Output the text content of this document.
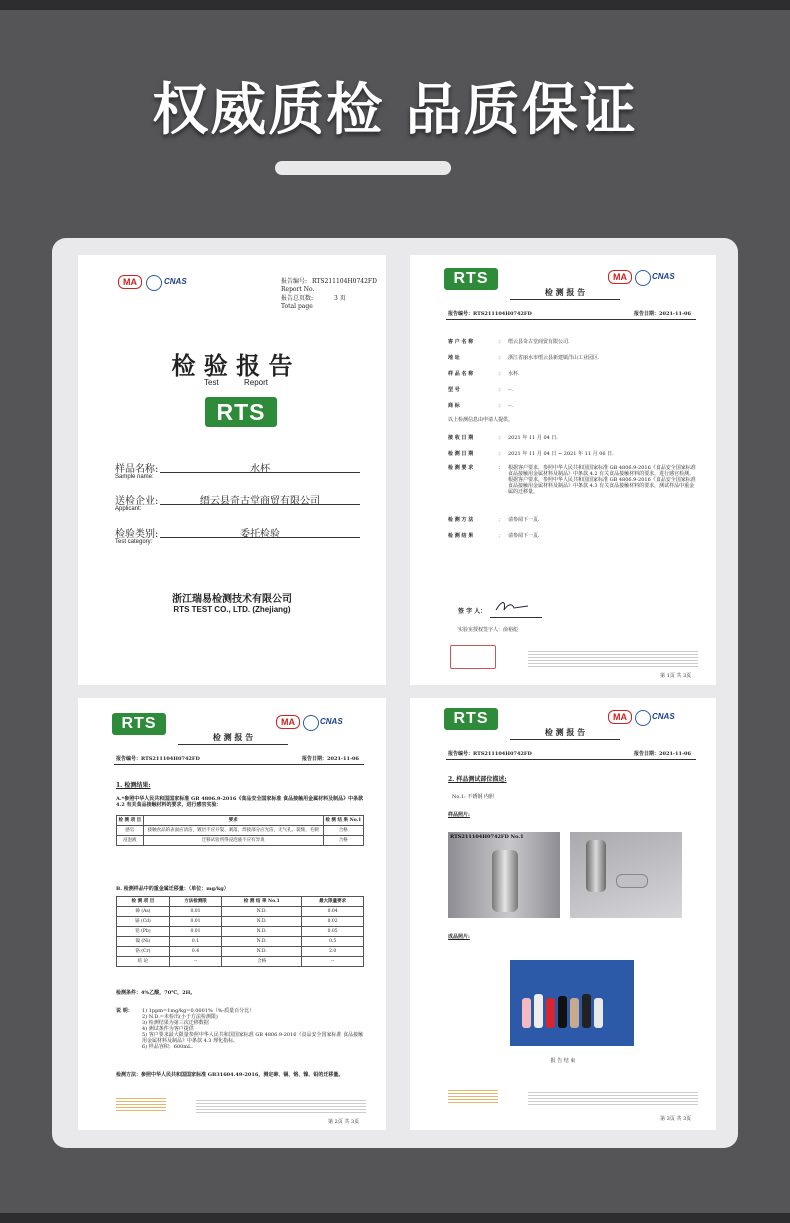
权威质检 品质保证
MA	CNAS	报告编号: RTS211104H0742FD
Report No.
报告总页数:	3 页
Total page
检 验 报 告
Test	Report
RTS
样品名称:
Sample name:
水杯
送检企业:
Applicant:
缙云县奇古堂商贸有限公司
检验类别:
Test category:
委托检验
浙江瑞易检测技术有限公司
RTS TEST CO., LTD. (Zhejiang)
RTS	MA	CNAS
检 测 报 告
报告编号：RTS211104H0742FD	报告日期：2021-11-06
客 户 名 称	： 缙云县奇古堂商贸有限公司.
地 址	： 浙江省丽水市缙云县新建镇洋山工业园区.
样 品 名 称	： 水杯.
型 号	： --.
商 标	： --.
以上检测信息由申请人提供。
接 收 日 期	： 2021 年 11 月 04 日.
检 测 日 期	： 2021 年 11 月 04 日 ~ 2021 年 11 月 06 日.
检 测 要 求	： 根据客户要求，参照中华人民共和国国家标准 GB 4806.9-2016《食品安全国家标准 食品接触用金属材料及制品》中条款 4.2 有关食品接触材料的要求，进行感官检测。根据客户要求，参照中华人民共和国国家标准 GB 4806.9-2016《食品安全国家标准 食品接触用金属材料及制品》中条款 4.3 有关食品接触材料的要求，测试样品中重金属的迁移量。
检 测 方 法	： 请参阅下一页.
检 测 结 果	： 请参阅下一页.
签 字 人：
实验室授权签字人：俞裕彪
第 1页 共 3页
RTS	MA	CNAS
检 测 报 告
报告编号：RTS211104H0742FD	报告日期：2021-11-06
1. 检测结果:
A.*参照中华人民共和国国家标准 GB 4806.9-2016《食品安全国家标准 食品接触用金属材料及制品》中条款 4.2 有关食品接触材料的要求，进行感官实验：
检 测 项 目	要求	检 测 结 果 No.1
感官	接触食品的表面应清洁，镀层不应开裂、剥落，焊接部分应光洁，无气孔、裂缝、毛刺	合格
浸泡液	迁移试验所得浸泡液不应有异臭	合格
B. 检测样品中的重金属迁移量：（单位：mg/kg）
检 测 项 目	方法检测限	检 测 结 果 No.1	最大限量要求
砷 (As)	0.01	N.D.	0.04
镉 (Cd)	0.01	N.D.	0.02
铅 (Pb)	0.01	N.D.	0.05
镍 (Ni)	0.1	N.D.	0.5
铬 (Cr)	0.4	N.D.	2.0
结 论	--	合格	--
检测条件：4%乙酸，70℃，2H。
说 明： 1) 1ppm=1mg/kg=0.0001%（%-质量百分比）
2) N.D.=未检出(小于方法检测限)
3) 检测结果为第三次迁移数据
4) 测试条件为客户提供
5) 客户要求最大限量参照中华人民共和国国家标准 GB 4806.9-2016《食品安全国家标准 食品接触用金属材料及制品》中条款 4.3 理化指标。
6) 样品容积：600mL.
检测方法：参照中华人民共和国国家标准 GB31604.49-2016，测定砷、镉、铬、镍、铅的迁移量。
第 2页 共 3页
RTS	MA	CNAS
检 测 报 告
报告编号：RTS211104H0742FD	报告日期：2021-11-06
2. 样品测试部位描述:
No.1: 不锈钢 内胆
样品照片:
RTS211104H0742FD No.1
成品照片:
报 告 结 束
第 3页 共 3页
